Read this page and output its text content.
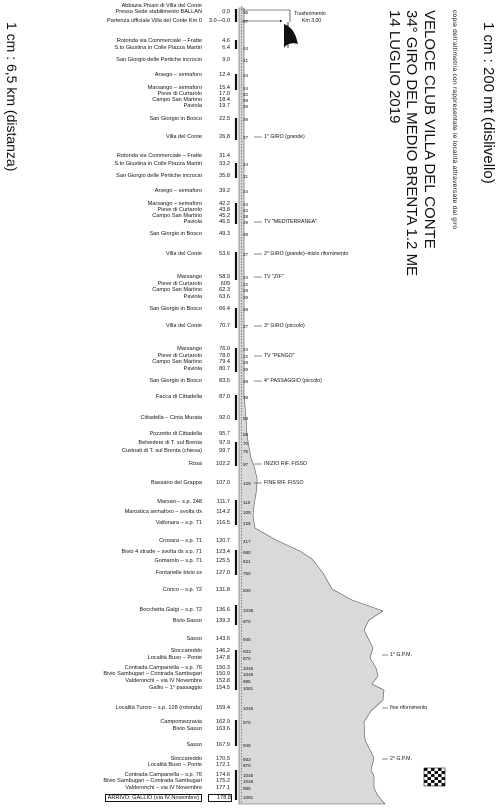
1 cm : 200 mt (dislivello)
1 cm : 6,5 km (distanza)	VELOCE CLUB VILLA DEL CONTE
34° GIRO DEL MEDIO BRENTA 1.2 ME
14 LUGLIO 2019	copia dell'altimetria con rappresentate le località attraversate dal giro
Trasferimento
Km 3,00
Abbazia Pisani di Villa del Conte
Presso Sede stabilimento BALLAN	0.0	36
Partenza ufficiale Villa del Conte Km 0 3.0—0.0	27
Rotonda via Commerciale – Fratte	4.6
S.to Giustina in Colle Piazza Martiri	6.4	24
San Giorgio delle Pertiche incrocio	9.0	21
Arsego – semaforo	12.4	24
Marsango – semaforo	15.4	24
Pieve di Curtarolo	17.0	22
Campo San Martino	18.4	28
Paviola	19.7	29
San Giorgio in Bosco	22.5	29
Villa del Conte	26.8	27
Rotonda via Commerciale – Fratte	31.4
S.to Giustina in Colle Piazza Martiri	33.2	24
San Giorgio delle Pertiche incrocio	35.8	21
Arsego – semaforo	39.2	24
Marsango – semaforo	42.2	24
Pieve di Curtarolo	43.8	22
Campo San Martino	45.2	28
Paviola	46.5	29
San Giorgio in Bosco	49.3	29
Villa del Conte	53.6	27
Marsango	58.9	24
Pieve di Curtarolo	609	22
Campo San Martino	62.3	28
Paviola	63.6	29
San Giorgio in Bosco	66.4	29
Villa del Conte	70.7	27
Marsango	76.0	24
Pieve di Curtarolo	78.0	22
Campo San Martino	79.4	28
Paviola	80.7	29
San Giorgio in Bosco	83.5	29
Facca di Cittadella	87.0	39
Cittadella – Cinta Murata	92.0	58
Pozzetto di Cittadella	95.7	58
Belvedere di T. sul Brenta	97.9	70
Cusinati di T. sul Brenta (chiesa)	99.7	75
Rosà	102.2	97
Bassano del Grappa	107.0	129
Marsan – s.p. 248	111.7	110
Marostica semaforo – svolta dx	114.2	105
Vallonara – s.p. 71	116.5	125
Crosara – s.p. 71	120.7	417
Bivio 4 strade – svolta dx s.p. 71	123.4	580
Gomarolo – s.p. 71	125.5	621
Fontanelle bivio sx	127.0	750
Conco – s.p. 72	131.8	830
Bocchetta Galgi – s.p. 72	136.6	1036
Bivio Sasso	139.3	970
Sasso	143.6	945
Stoccareddo	146.2	933
Località Buso – Ponte	147.8	870
Contrada Campanella – s.p. 76	150.3	1045
Bivio Sambugari – Contrada Sambugari	150.9	1045
Valderonchi – via IV Novembre	152.8	985
Gallio – 1° passaggio	154.5	1081
Località Turcio – s.p. 128 (rotonda)	159.4	1045
Campomezzavia	162.9	970
Bivio Sasso	163.6
Sasso	167.9	945
Stoccareddo	170.5	933
Località Buso – Ponte	172.1	870
Contrada Campanella – s.p. 76	174.6	1045
Bivio Sambugari – Contrada Sambugari	175.2	1045
Valderonchi – via IV Novembre	177.1	985
ARRIVO: GALLIO (via IV Novembre)	178.8	1081
1° GIRO (grande)
TV "MEDITERRANEA"
2° GIRO (grande)–inizio rifornimento
TV "ZIF"
3° GIRO (piccolo)
TV "PENGO"
4° PASSAGGIO (piccolo)
INIZIO RIF. FISSO
FINE RIF. FISSO
1° G.P.M.
fine rifornimento
2° G.P.M.
